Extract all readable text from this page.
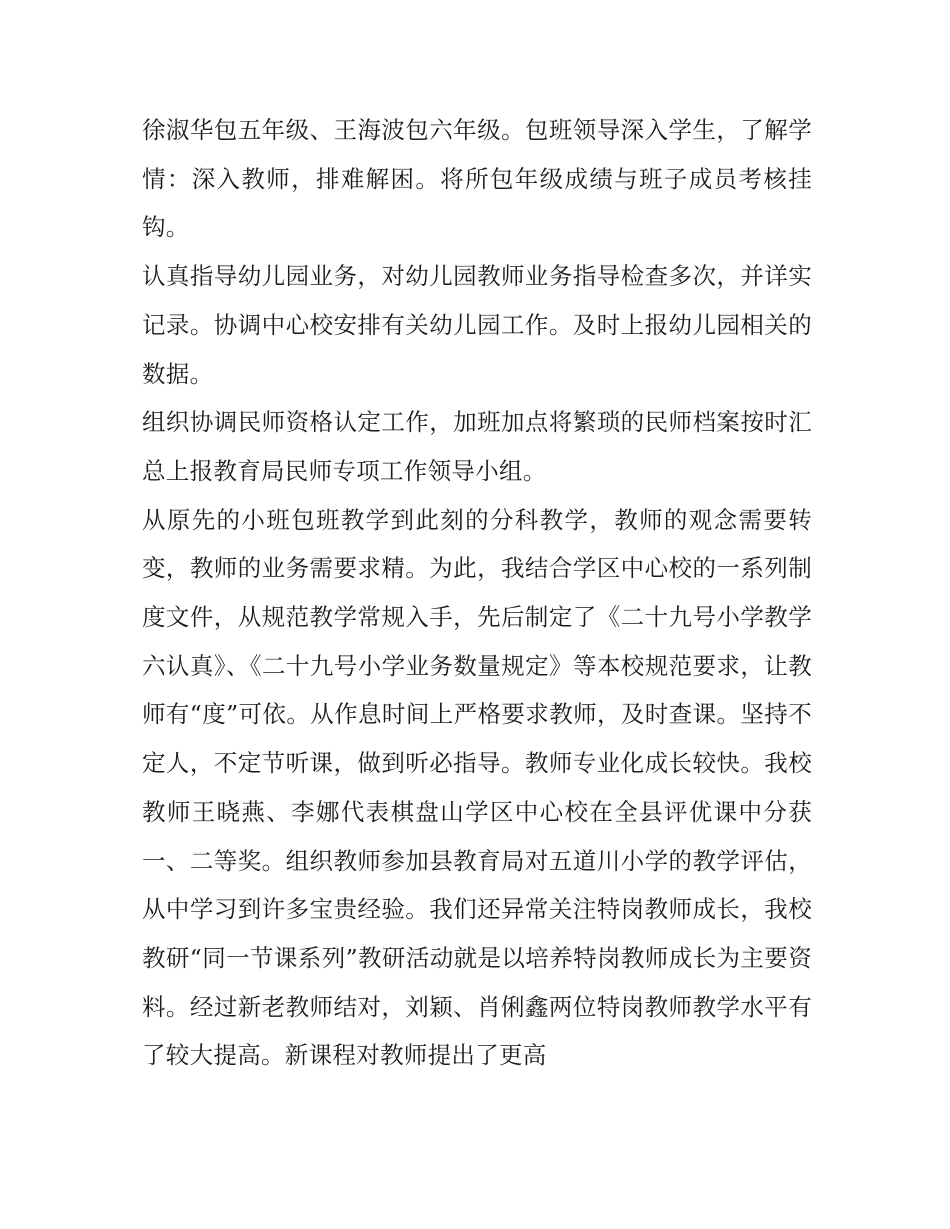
徐淑华包五年级、王海波包六年级。包班领导深入学生，了解学情：深入教师，排难解困。将所包年级成绩与班子成员考核挂钩。

认真指导幼儿园业务，对幼儿园教师业务指导检查多次，并详实记录。协调中心校安排有关幼儿园工作。及时上报幼儿园相关的数据。

组织协调民师资格认定工作，加班加点将繁琐的民师档案按时汇总上报教育局民师专项工作领导小组。

从原先的小班包班教学到此刻的分科教学，教师的观念需要转变，教师的业务需要求精。为此，我结合学区中心校的一系列制度文件，从规范教学常规入手，先后制定了《二十九号小学教学六认真》、《二十九号小学业务数量规定》等本校规范要求，让教师有“度”可依。从作息时间上严格要求教师，及时查课。坚持不定人，不定节听课，做到听必指导。教师专业化成长较快。我校教师王晓燕、李娜代表棋盘山学区中心校在全县评优课中分获一、二等奖。组织教师参加县教育局对五道川小学的教学评估，从中学习到许多宝贵经验。我们还异常关注特岗教师成长，我校教研“同一节课系列”教研活动就是以培养特岗教师成长为主要资料。经过新老教师结对，刘颖、肖俐鑫两位特岗教师教学水平有了较大提高。新课程对教师提出了更高
